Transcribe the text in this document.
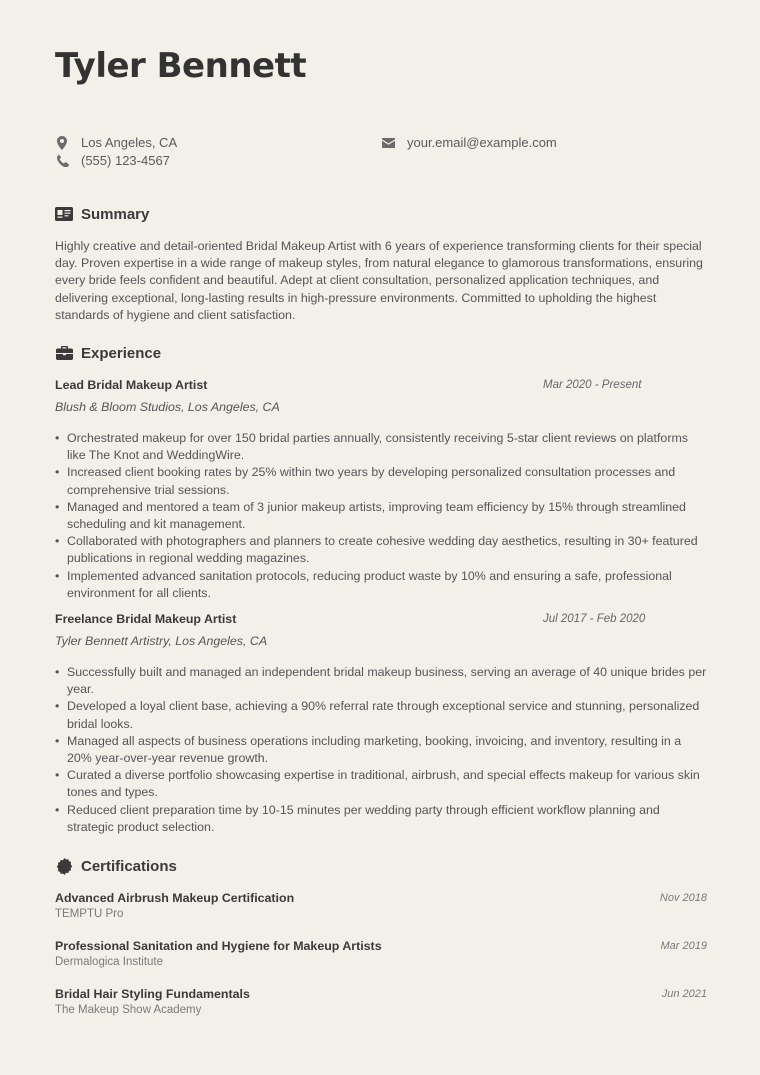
Tyler Bennett
Los Angeles, CA
(555) 123-4567
your.email@example.com
Summary

Highly creative and detail-oriented Bridal Makeup Artist with 6 years of experience transforming clients for their special day. Proven expertise in a wide range of makeup styles, from natural elegance to glamorous transformations, ensuring every bride feels confident and beautiful. Adept at client consultation, personalized application techniques, and delivering exceptional, long-lasting results in high-pressure environments. Committed to upholding the highest standards of hygiene and client satisfaction.

Experience
Lead Bridal Makeup Artist	Mar 2020 - Present
Blush & Bloom Studios, Los Angeles, CA
• Orchestrated makeup for over 150 bridal parties annually, consistently receiving 5-star client reviews on platforms like The Knot and WeddingWire.
• Increased client booking rates by 25% within two years by developing personalized consultation processes and comprehensive trial sessions.
• Managed and mentored a team of 3 junior makeup artists, improving team efficiency by 15% through streamlined scheduling and kit management.
• Collaborated with photographers and planners to create cohesive wedding day aesthetics, resulting in 30+ featured publications in regional wedding magazines.
• Implemented advanced sanitation protocols, reducing product waste by 10% and ensuring a safe, professional environment for all clients.
Freelance Bridal Makeup Artist	Jul 2017 - Feb 2020
Tyler Bennett Artistry, Los Angeles, CA
• Successfully built and managed an independent bridal makeup business, serving an average of 40 unique brides per year.
• Developed a loyal client base, achieving a 90% referral rate through exceptional service and stunning, personalized bridal looks.
• Managed all aspects of business operations including marketing, booking, invoicing, and inventory, resulting in a 20% year-over-year revenue growth.
• Curated a diverse portfolio showcasing expertise in traditional, airbrush, and special effects makeup for various skin tones and types.
• Reduced client preparation time by 10-15 minutes per wedding party through efficient workflow planning and strategic product selection.
Certifications
Advanced Airbrush Makeup Certification
TEMPTU Pro
Nov 2018
Professional Sanitation and Hygiene for Makeup Artists
Dermalogica Institute
Mar 2019
Bridal Hair Styling Fundamentals
The Makeup Show Academy
Jun 2021
